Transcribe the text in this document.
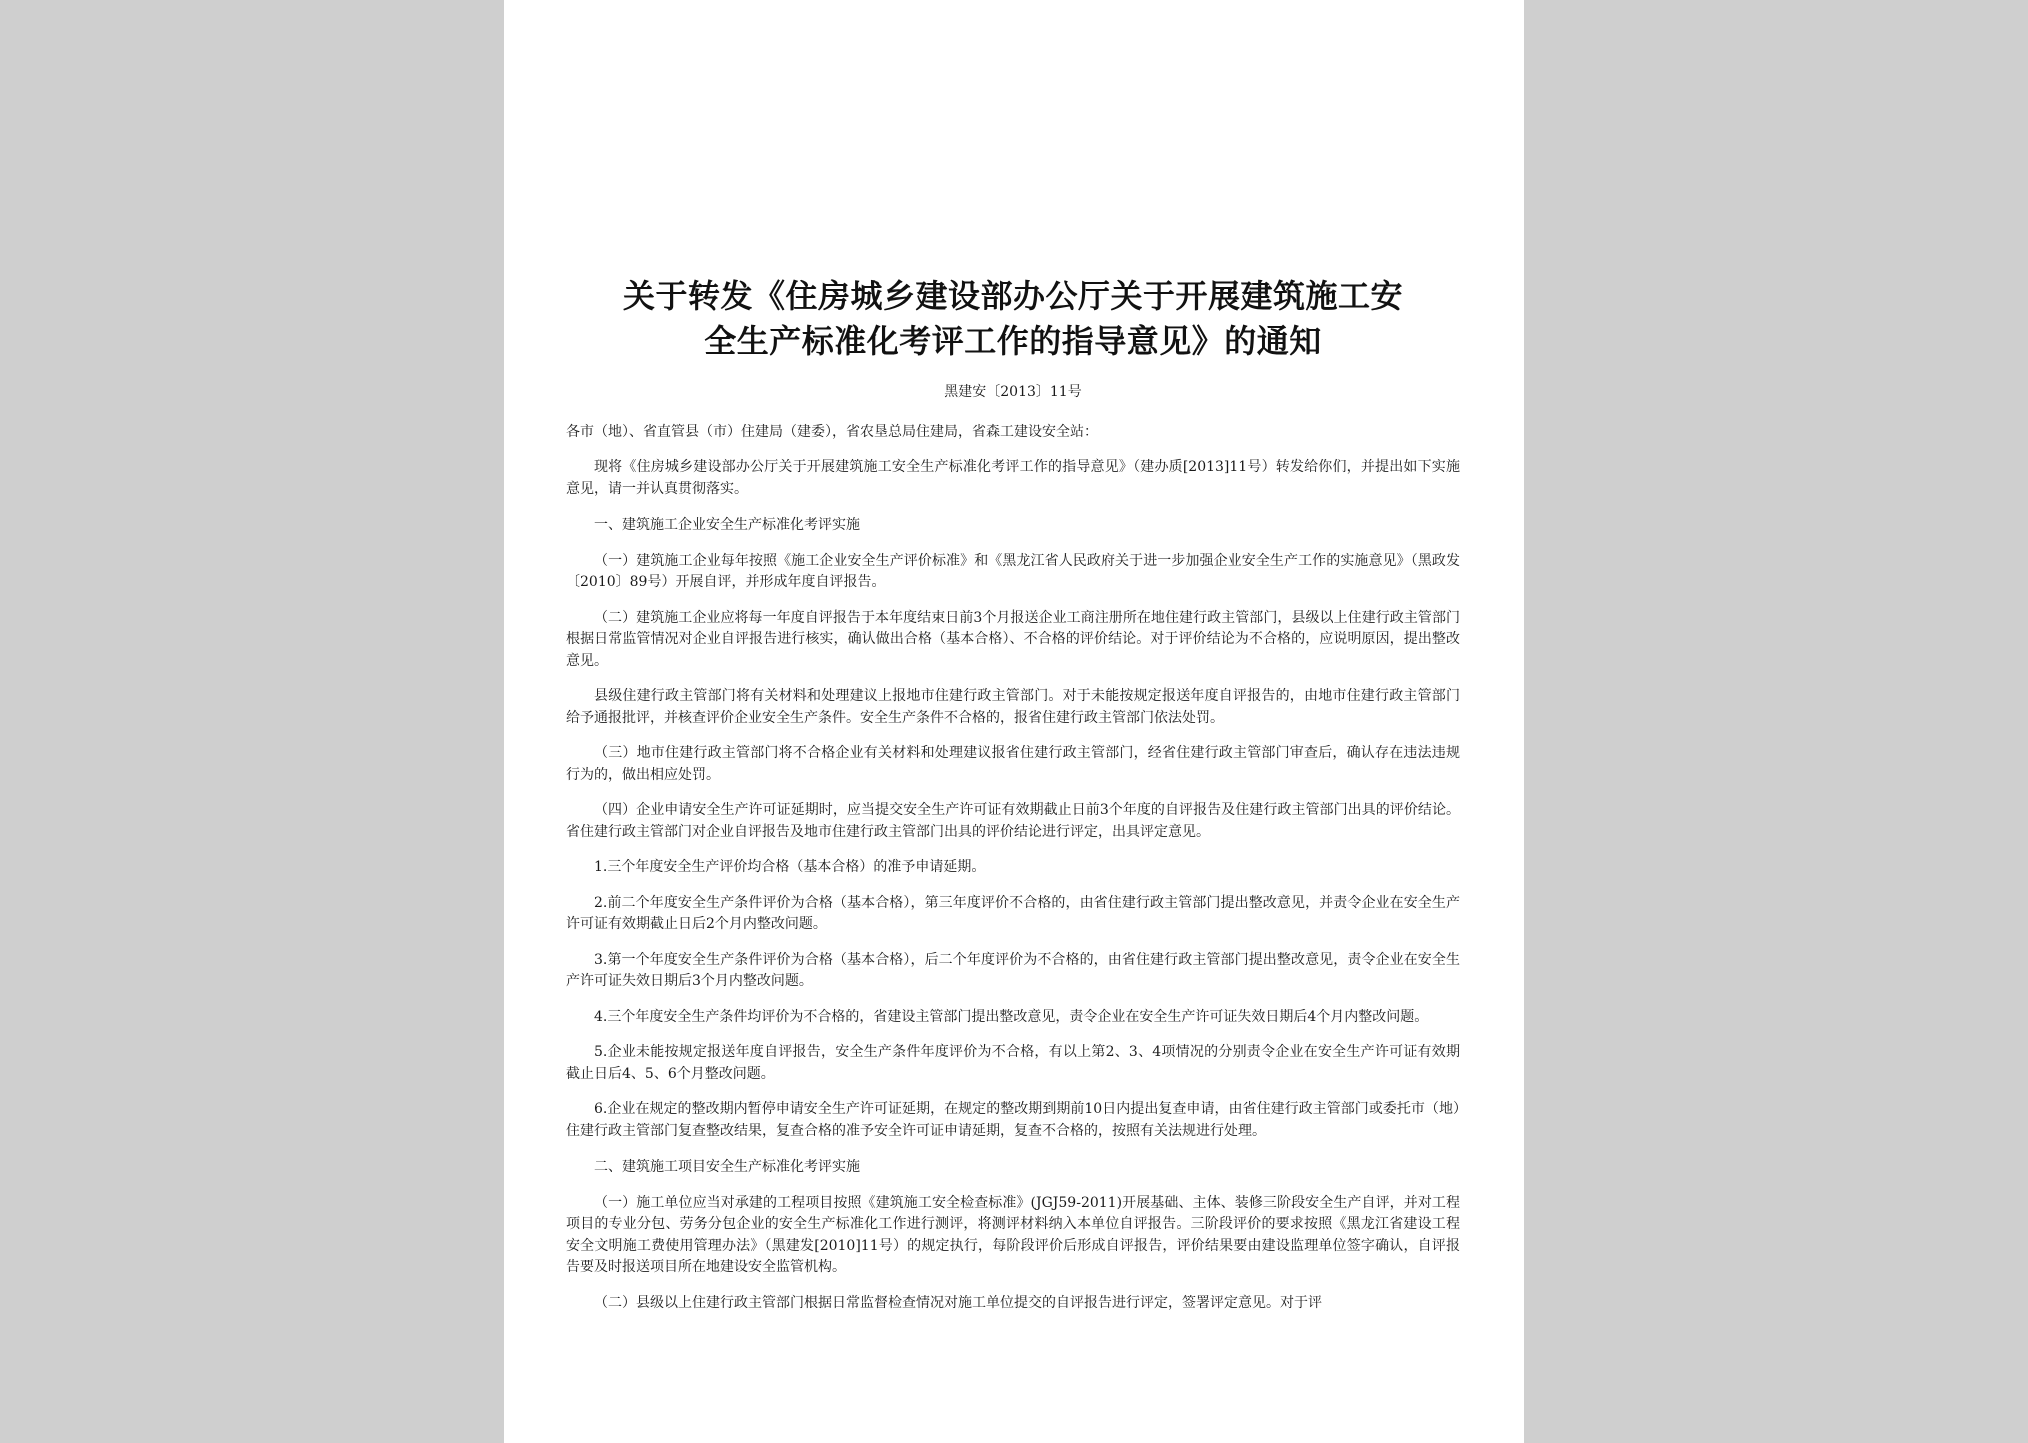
关于转发《住房城乡建设部办公厅关于开展建筑施工安
全生产标准化考评工作的指导意见》的通知

黑建安〔2013〕11号

各市（地）、省直管县（市）住建局（建委），省农垦总局住建局，省森工建设安全站：

现将《住房城乡建设部办公厅关于开展建筑施工安全生产标准化考评工作的指导意见》（建办质[2013]11号）转发给你们，并提出如下实施意见，请一并认真贯彻落实。

一、建筑施工企业安全生产标准化考评实施

（一）建筑施工企业每年按照《施工企业安全生产评价标准》和《黑龙江省人民政府关于进一步加强企业安全生产工作的实施意见》（黑政发〔2010〕89号）开展自评，并形成年度自评报告。

（二）建筑施工企业应将每一年度自评报告于本年度结束日前3个月报送企业工商注册所在地住建行政主管部门，县级以上住建行政主管部门根据日常监管情况对企业自评报告进行核实，确认做出合格（基本合格）、不合格的评价结论。对于评价结论为不合格的，应说明原因，提出整改意见。

县级住建行政主管部门将有关材料和处理建议上报地市住建行政主管部门。对于未能按规定报送年度自评报告的，由地市住建行政主管部门给予通报批评，并核查评价企业安全生产条件。安全生产条件不合格的，报省住建行政主管部门依法处罚。

（三）地市住建行政主管部门将不合格企业有关材料和处理建议报省住建行政主管部门，经省住建行政主管部门审查后，确认存在违法违规行为的，做出相应处罚。

（四）企业申请安全生产许可证延期时，应当提交安全生产许可证有效期截止日前3个年度的自评报告及住建行政主管部门出具的评价结论。省住建行政主管部门对企业自评报告及地市住建行政主管部门出具的评价结论进行评定，出具评定意见。

1.三个年度安全生产评价均合格（基本合格）的准予申请延期。

2.前二个年度安全生产条件评价为合格（基本合格），第三年度评价不合格的，由省住建行政主管部门提出整改意见，并责令企业在安全生产许可证有效期截止日后2个月内整改问题。

3.第一个年度安全生产条件评价为合格（基本合格），后二个年度评价为不合格的，由省住建行政主管部门提出整改意见，责令企业在安全生产许可证失效日期后3个月内整改问题。

4.三个年度安全生产条件均评价为不合格的，省建设主管部门提出整改意见，责令企业在安全生产许可证失效日期后4个月内整改问题。

5.企业未能按规定报送年度自评报告，安全生产条件年度评价为不合格，有以上第2、3、4项情况的分别责令企业在安全生产许可证有效期截止日后4、5、6个月整改问题。

6.企业在规定的整改期内暂停申请安全生产许可证延期，在规定的整改期到期前10日内提出复查申请，由省住建行政主管部门或委托市（地）住建行政主管部门复查整改结果，复查合格的准予安全许可证申请延期，复查不合格的，按照有关法规进行处理。

二、建筑施工项目安全生产标准化考评实施

（一）施工单位应当对承建的工程项目按照《建筑施工安全检查标准》(JGJ59-2011)开展基础、主体、装修三阶段安全生产自评，并对工程项目的专业分包、劳务分包企业的安全生产标准化工作进行测评，将测评材料纳入本单位自评报告。三阶段评价的要求按照《黑龙江省建设工程安全文明施工费使用管理办法》（黑建发[2010]11号）的规定执行，每阶段评价后形成自评报告，评价结果要由建设监理单位签字确认，自评报告要及时报送项目所在地建设安全监管机构。

（二）县级以上住建行政主管部门根据日常监督检查情况对施工单位提交的自评报告进行评定，签署评定意见。对于评
